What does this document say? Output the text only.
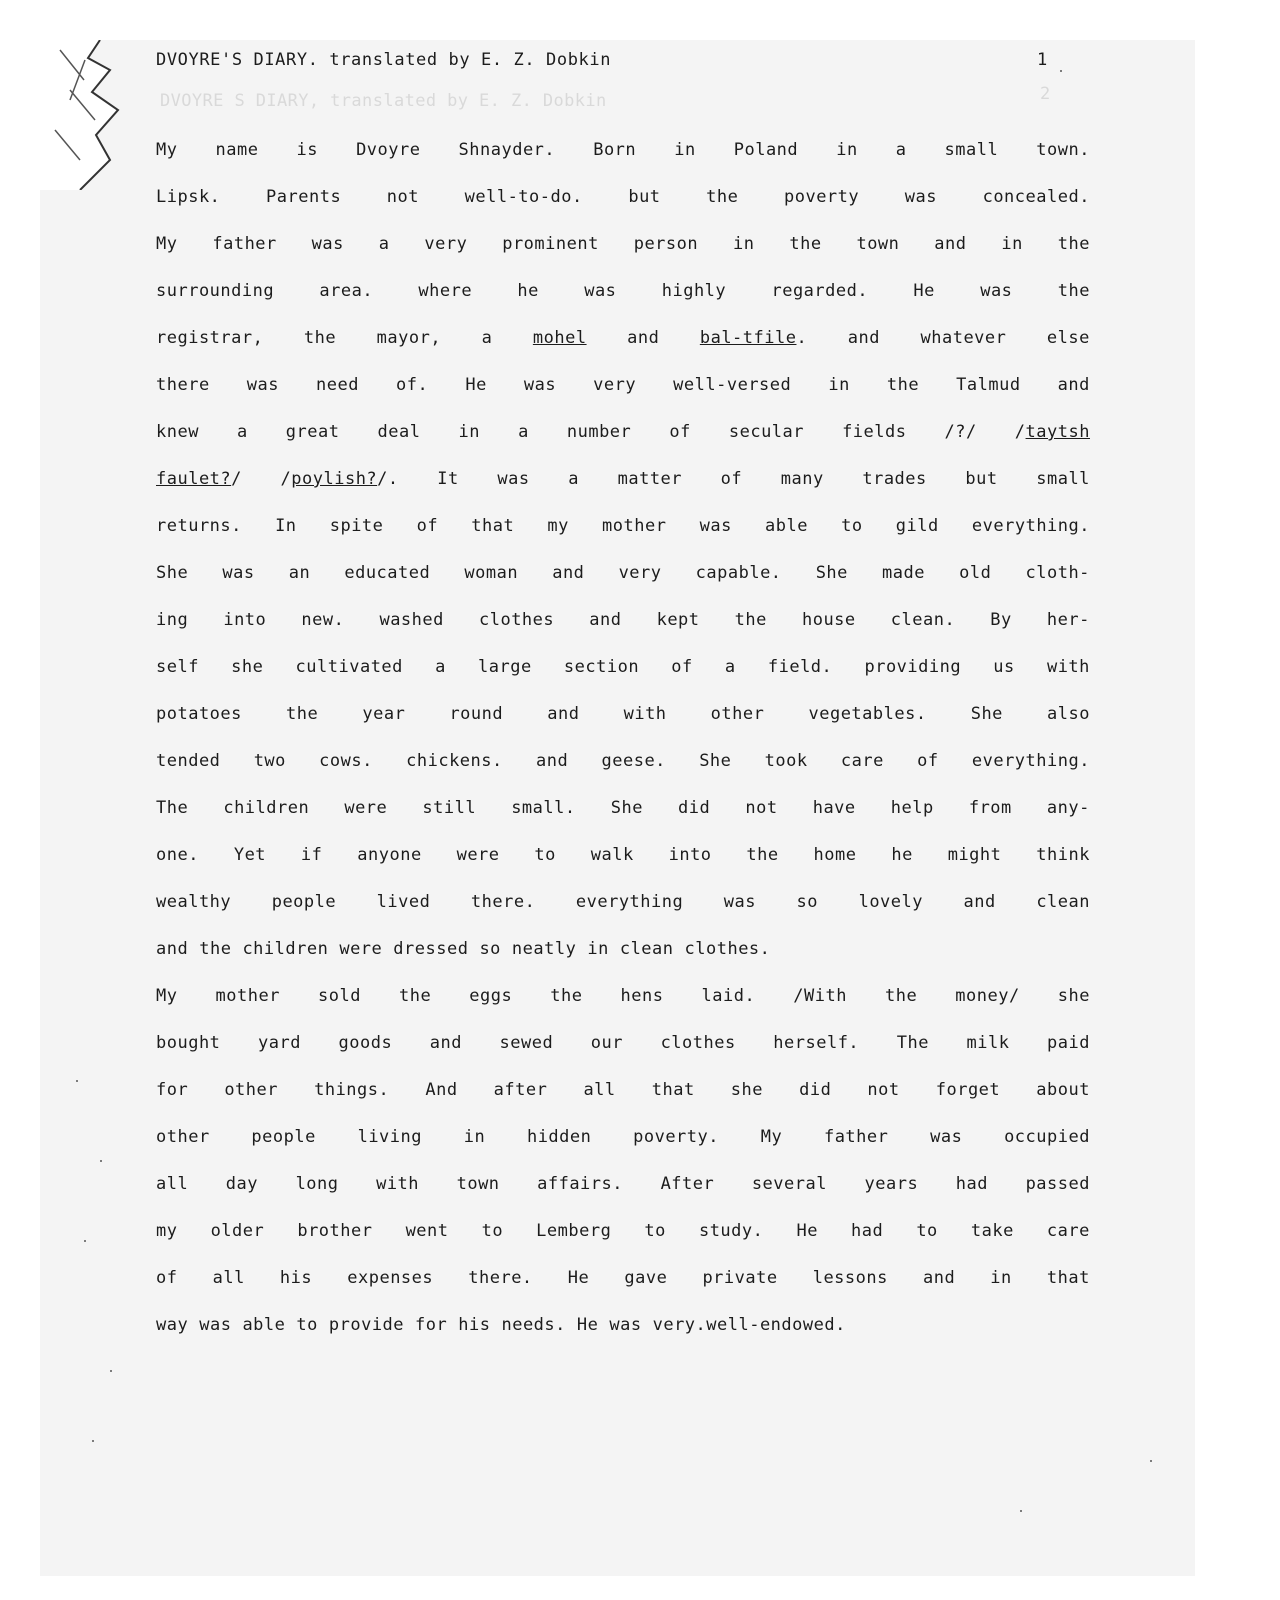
2
DVOYRE S DIARY, translated by E. Z. Dobkin
DVOYRE'S DIARY. translated by E. Z. Dobkin	1
My name is Dvoyre Shnayder. Born in Poland in a small town.
Lipsk.	Parents	not	well-to-do.	but	the	poverty	was	concealed.
My father was a very prominent person in the town and in the
surrounding	area.	where	he	was	highly	regarded.	He	was	the
registrar, the mayor, a mohel and bal-tfile. and whatever else
there was need of. He was very well-versed in the Talmud and
knew a great deal in a number of secular fields /?/ /taytsh
faulet?/ /poylish?/. It was a matter of many trades but small
returns. In spite of that my mother was able to gild everything.
She was an educated woman and very capable. She made old cloth-
ing into new. washed clothes and kept the house clean. By her-
self she cultivated a large section of a field. providing us with
potatoes	the	year	round	and	with	other	vegetables.	She	also
tended two cows. chickens. and geese. She took care of everything.
The children were still small. She did not have help from any-
one. Yet if anyone were to walk into the home he might think
wealthy people lived there. everything was so lovely and clean
and the children were dressed so neatly in clean clothes.
My mother sold the eggs the hens laid. /With the money/ she
bought yard goods and sewed our clothes herself. The milk paid
for other things. And after all that she did not forget about
other people living in hidden poverty. My father was occupied
all day long with town affairs. After several years had passed
my older brother went to Lemberg to study. He had to take care
of all his expenses there. He gave private lessons and in that
way was able to provide for his needs. He was very.well-endowed.
